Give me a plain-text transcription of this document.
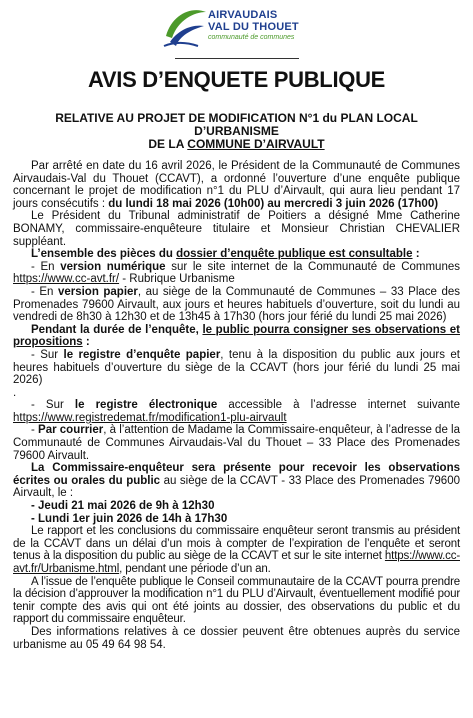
AIRVAUDAIS
VAL DU THOUET
communauté de communes
AVIS D’ENQUETE PUBLIQUE
RELATIVE AU PROJET DE MODIFICATION N°1 du PLAN LOCAL D’URBANISME
DE LA COMMUNE D’AIRVAULT

Par arrêté en date du 16 avril 2026, le Président de la Communauté de Communes Airvaudais-Val du Thouet (CCAVT), a ordonné l’ouverture d’une enquête publique concernant le projet de modification n°1 du PLU d’Airvault, qui aura lieu pendant 17 jours consécutifs : du lundi 18 mai 2026 (10h00) au mercredi 3 juin 2026 (17h00)

Le Président du Tribunal administratif de Poitiers a désigné Mme Catherine BONAMY, commissaire-enquêteure titulaire et Monsieur Christian CHEVALIER suppléant.

L’ensemble des pièces du dossier d’enquête publique est consultable :

- En version numérique sur le site internet de la Communauté de Communes https://www.cc-avt.fr/ - Rubrique Urbanisme

- En version papier, au siège de la Communauté de Communes – 33 Place des Promenades 79600 Airvault, aux jours et heures habituels d’ouverture, soit du lundi au vendredi de 8h30 à 12h30 et de 13h45 à 17h30 (hors jour férié du lundi 25 mai 2026)

Pendant la durée de l’enquête, le public pourra consigner ses observations et propositions :

- Sur le registre d’enquête papier, tenu à la disposition du public aux jours et heures habituels d’ouverture du siège de la CCAVT (hors jour férié du lundi 25 mai 2026)
.

- Sur le registre électronique accessible à l’adresse internet suivante https://www.registredemat.fr/modification1-plu-airvault

- Par courrier, à l’attention de Madame la Commissaire-enquêteur, à l’adresse de la Communauté de Communes Airvaudais-Val du Thouet – 33 Place des Promenades 79600 Airvault.

La Commissaire-enquêteur sera présente pour recevoir les observations écrites ou orales du public au siège de la CCAVT - 33 Place des Promenades 79600 Airvault, le :

- Jeudi 21 mai 2026 de 9h à 12h30

- Lundi 1er juin 2026 de 14h à 17h30

Le rapport et les conclusions du commissaire enquêteur seront transmis au président de la CCAVT dans un délai d’un mois à compter de l’expiration de l’enquête et seront tenus à la disposition du public au siège de la CCAVT et sur le site internet https://www.cc-avt.fr/Urbanisme.html, pendant une période d’un an.

A l’issue de l’enquête publique le Conseil communautaire de la CCAVT pourra prendre la décision d’approuver la modification n°1 du PLU d’Airvault, éventuellement modifié pour tenir compte des avis qui ont été joints au dossier, des observations du public et du rapport du commissaire enquêteur.

Des informations relatives à ce dossier peuvent être obtenues auprès du service urbanisme au 05 49 64 98 54.
